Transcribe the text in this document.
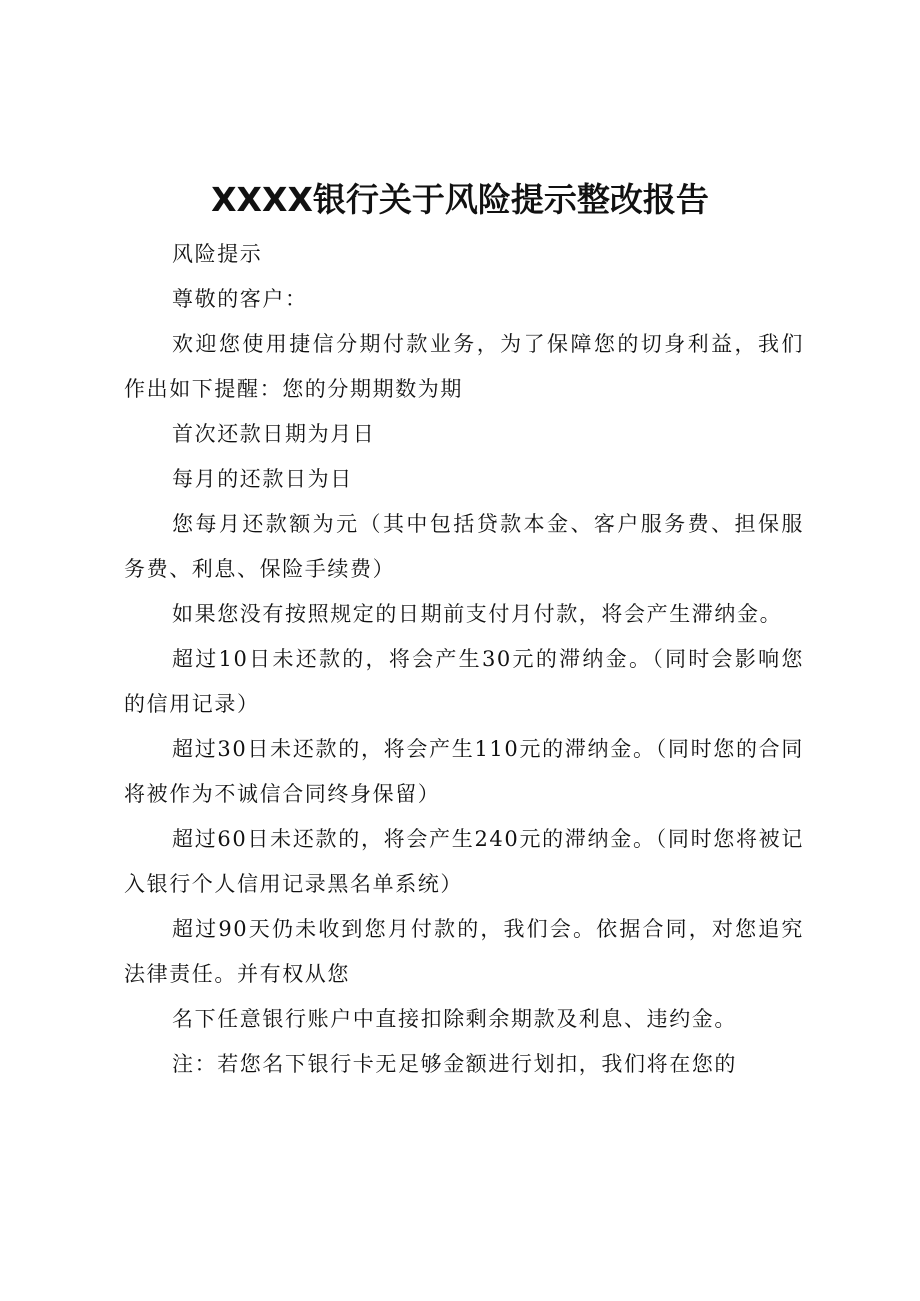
XXXX银行关于风险提示整改报告

风险提示

尊敬的客户：

欢迎您使用捷信分期付款业务，为了保障您的切身利益，我们作出如下提醒：您的分期期数为期

首次还款日期为月日

每月的还款日为日

您每月还款额为元（其中包括贷款本金、客户服务费、担保服务费、利息、保险手续费）

如果您没有按照规定的日期前支付月付款，将会产生滞纳金。

超过10日未还款的，将会产生30元的滞纳金。（同时会影响您的信用记录）

超过30日未还款的，将会产生110元的滞纳金。（同时您的合同将被作为不诚信合同终身保留）

超过60日未还款的，将会产生240元的滞纳金。（同时您将被记入银行个人信用记录黑名单系统）

超过90天仍未收到您月付款的，我们会。依据合同，对您追究法律责任。并有权从您

名下任意银行账户中直接扣除剩余期款及利息、违约金。

注：若您名下银行卡无足够金额进行划扣，我们将在您的
